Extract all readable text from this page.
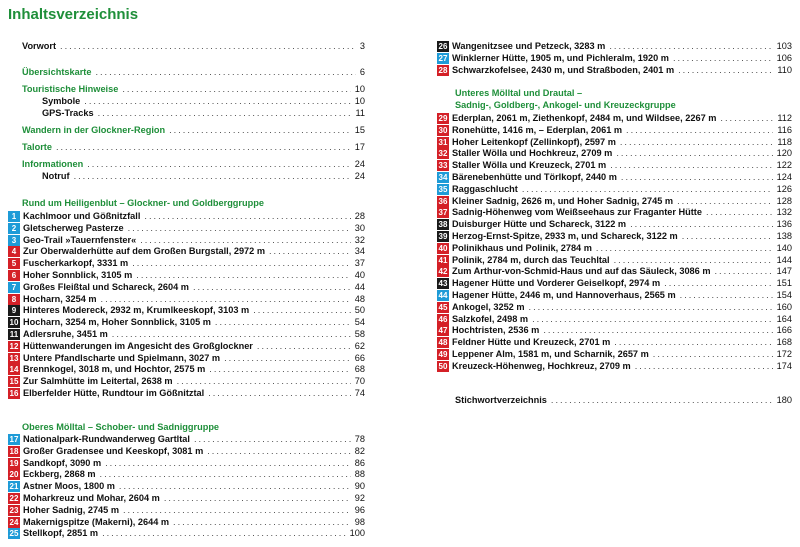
Inhaltsverzeichnis
Vorwort .....	3
Übersichtskarte .....	6
Touristische Hinweise .....	10
Symbole .....	10
GPS-Tracks .....	11
Wandern in der Glockner-Region .....	15
Talorte .....	17
Informationen .....	24
Notruf .....	24
Rund um Heiligenblut – Glockner- und Goldberggruppe
1 Kachlmoor und Gößnitzfall .....	28
2 Gletscherweg Pasterze .....	30
3 Geo-Trail »Tauernfenster« .....	32
4 Zur Oberwalderhütte auf dem Großen Burgstall, 2972 m .....	34
5 Fuscherkarkopf, 3331 m .....	37
6 Hoher Sonnblick, 3105 m .....	40
7 Großes Fleißtal und Schareck, 2604 m .....	44
8 Hocharn, 3254 m .....	48
9 Hinteres Modereck, 2932 m, Krumlkeeskopf, 3103 m .....	50
10 Hocharn, 3254 m, Hoher Sonnblick, 3105 m .....	54
11 Adlersruhe, 3451 m .....	58
12 Hüttenwanderungen im Angesicht des Großglockner .....	62
13 Untere Pfandlscharte und Spielmann, 3027 m .....	66
14 Brennkogel, 3018 m, und Hochtor, 2575 m .....	68
15 Zur Salmhütte im Leitertal, 2638 m .....	70
16 Elberfelder Hütte, Rundtour im Gößnitztal .....	74
Oberes Mölltal – Schober- und Sadniggruppe
17 Nationalpark-Rundwanderweg Gartltal .....	78
18 Großer Gradensee und Keeskopf, 3081 m .....	82
19 Sandkopf, 3090 m .....	86
20 Eckberg, 2868 m .....	88
21 Astner Moos, 1800 m .....	90
22 Moharkreuz und Mohar, 2604 m .....	92
23 Hoher Sadnig, 2745 m .....	96
24 Makernigspitze (Makerni), 2644 m .....	98
25 Stellkopf, 2851 m .....	100
26 Wangenitzsee und Petzeck, 3283 m .....	103
27 Winklerner Hütte, 1905 m, und Pichleralm, 1920 m .....	106
28 Schwarzkofelsee, 2430 m, und Straßboden, 2401 m .....	110
Unteres Mölltal und Drautal –
Sadnig-, Goldberg-, Ankogel- und Kreuzeckgruppe
29 Ederplan, 2061 m, Ziethenkopf, 2484 m, und Wildsee, 2267 m .....	112
30 Ronehütte, 1416 m, – Ederplan, 2061 m .....	116
31 Hoher Leitenkopf (Zellinkopf), 2597 m .....	118
32 Staller Wölla und Hochkreuz, 2709 m .....	120
33 Staller Wölla und Kreuzeck, 2701 m .....	122
34 Bärenebenhütte und Törlkopf, 2440 m .....	124
35 Raggaschlucht .....	126
36 Kleiner Sadnig, 2626 m, und Hoher Sadnig, 2745 m .....	128
37 Sadnig-Höhenweg vom Weißseehaus zur Fraganter Hütte .....	132
38 Duisburger Hütte und Schareck, 3122 m .....	136
39 Herzog-Ernst-Spitze, 2933 m, und Schareck, 3122 m .....	138
40 Polinikhaus und Polinik, 2784 m .....	140
41 Polinik, 2784 m, durch das Teuchltal .....	144
42 Zum Arthur-von-Schmid-Haus und auf das Säuleck, 3086 m .....	147
43 Hagener Hütte und Vorderer Geiselkopf, 2974 m .....	151
44 Hagener Hütte, 2446 m, und Hannoverhaus, 2565 m .....	154
45 Ankogel, 3252 m .....	160
46 Salzkofel, 2498 m .....	164
47 Hochtristen, 2536 m .....	166
48 Feldner Hütte und Kreuzeck, 2701 m .....	168
49 Leppener Alm, 1581 m, und Scharnik, 2657 m .....	172
50 Kreuzeck-Höhenweg, Hochkreuz, 2709 m .....	174
Stichwortverzeichnis .....	180
